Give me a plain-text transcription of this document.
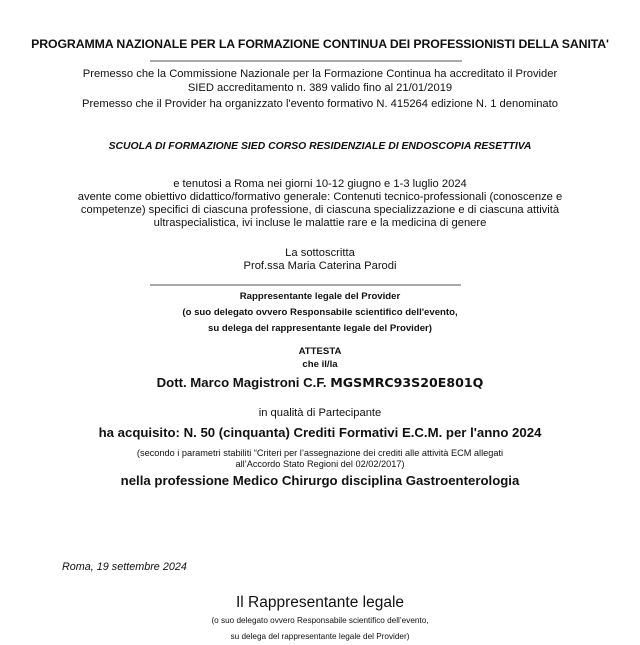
PROGRAMMA NAZIONALE PER LA FORMAZIONE CONTINUA DEI PROFESSIONISTI DELLA SANITA'
Premesso che la Commissione Nazionale per la Formazione Continua ha accreditato il Provider
SIED accreditamento n. 389 valido fino al 21/01/2019
Premesso che il Provider ha organizzato l'evento formativo N. 415264 edizione N. 1 denominato
SCUOLA DI FORMAZIONE SIED CORSO RESIDENZIALE DI ENDOSCOPIA RESETTIVA
e tenutosi a Roma nei giorni 10-12 giugno e 1-3 luglio 2024
avente come obiettivo didattico/formativo generale: Contenuti tecnico-professionali (conoscenze e
competenze) specifici di ciascuna professione, di ciascuna specializzazione e di ciascuna attività
ultraspecialistica, ivi incluse le malattie rare e la medicina di genere
La sottoscritta
Prof.ssa Maria Caterina Parodi
Rappresentante legale del Provider
(o suo delegato ovvero Responsabile scientifico dell'evento,
su delega del rappresentante legale del Provider)
ATTESTA
che il/la
Dott. Marco Magistroni C.F. MGSMRC93S20E801Q
in qualità di Partecipante
ha acquisito: N. 50 (cinquanta) Crediti Formativi E.C.M. per l'anno 2024
(secondo i parametri stabiliti “Criteri per l’assegnazione dei crediti alle attività ECM allegati
all’Accordo Stato Regioni del 02/02/2017)
nella professione Medico Chirurgo disciplina Gastroenterologia
Roma, 19 settembre 2024
Il Rappresentante legale
(o suo delegato ovvero Responsabile scientifico dell’evento,
su delega del rappresentante legale del Provider)
